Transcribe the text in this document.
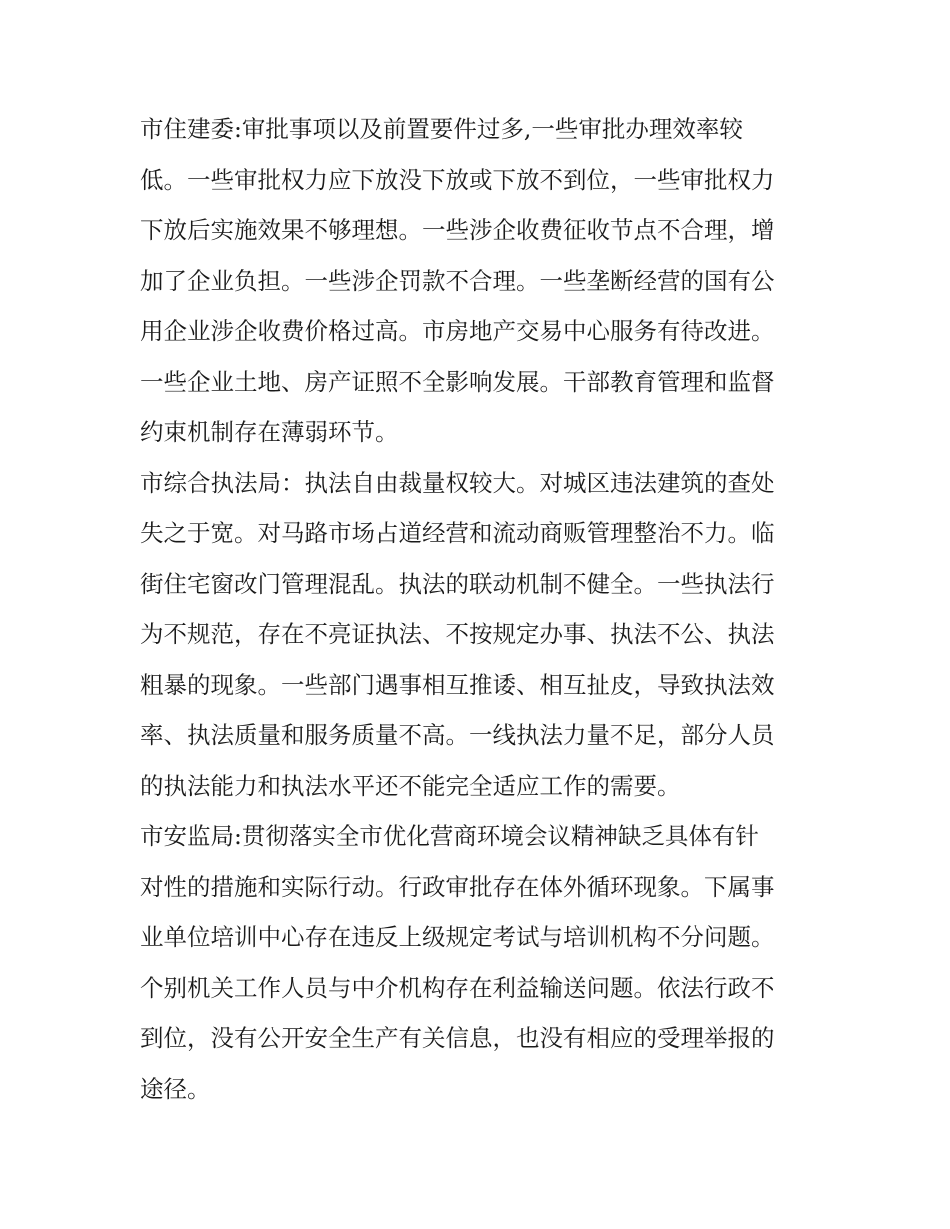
市住建委:审批事项以及前置要件过多,一些审批办理效率较
低。一些审批权力应下放没下放或下放不到位，一些审批权力
下放后实施效果不够理想。一些涉企收费征收节点不合理，增
加了企业负担。一些涉企罚款不合理。一些垄断经营的国有公
用企业涉企收费价格过高。市房地产交易中心服务有待改进。
一些企业土地、房产证照不全影响发展。干部教育管理和监督
约束机制存在薄弱环节。
市综合执法局：执法自由裁量权较大。对城区违法建筑的查处
失之于宽。对马路市场占道经营和流动商贩管理整治不力。临
街住宅窗改门管理混乱。执法的联动机制不健全。一些执法行
为不规范，存在不亮证执法、不按规定办事、执法不公、执法
粗暴的现象。一些部门遇事相互推诿、相互扯皮，导致执法效
率、执法质量和服务质量不高。一线执法力量不足，部分人员
的执法能力和执法水平还不能完全适应工作的需要。
市安监局:贯彻落实全市优化营商环境会议精神缺乏具体有针
对性的措施和实际行动。行政审批存在体外循环现象。下属事
业单位培训中心存在违反上级规定考试与培训机构不分问题。
个别机关工作人员与中介机构存在利益输送问题。依法行政不
到位，没有公开安全生产有关信息，也没有相应的受理举报的
途径。
